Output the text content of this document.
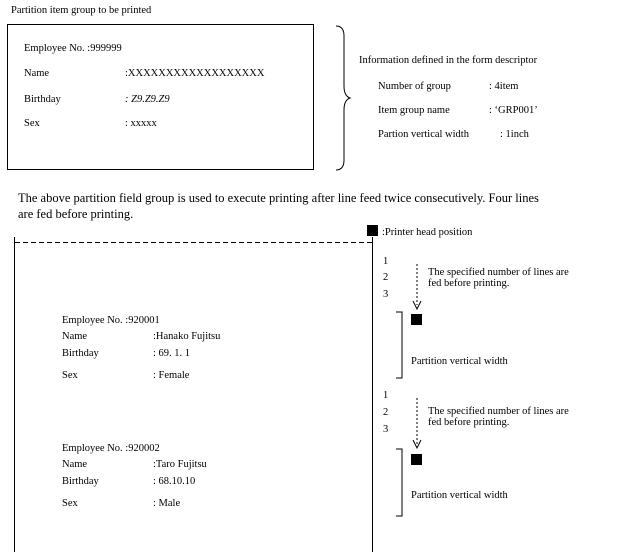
Partition item group to be printed
Employee No. :999999
Name	:XXXXXXXXXXXXXXXXXX
Birthday	: Z9.Z9.Z9
Sex	: xxxxx
Information defined in the form descriptor
Number of group	: 4item
Item group name	: ‘GRP001’
Partion vertical width	: 1inch
The above partition field group is used to execute printing after line feed twice consecutively. Four lines
are fed before printing.
:Printer head position
1
2
3
The specified number of lines are
fed before printing.
Partition vertical width
1
2
3
The specified number of lines are
fed before printing.
Partition vertical width
Employee No. :920001
Name	:Hanako Fujitsu
Birthday	: 69. 1. 1
Sex	: Female
Employee No. :920002
Name	:Taro Fujitsu
Birthday	: 68.10.10
Sex	: Male
